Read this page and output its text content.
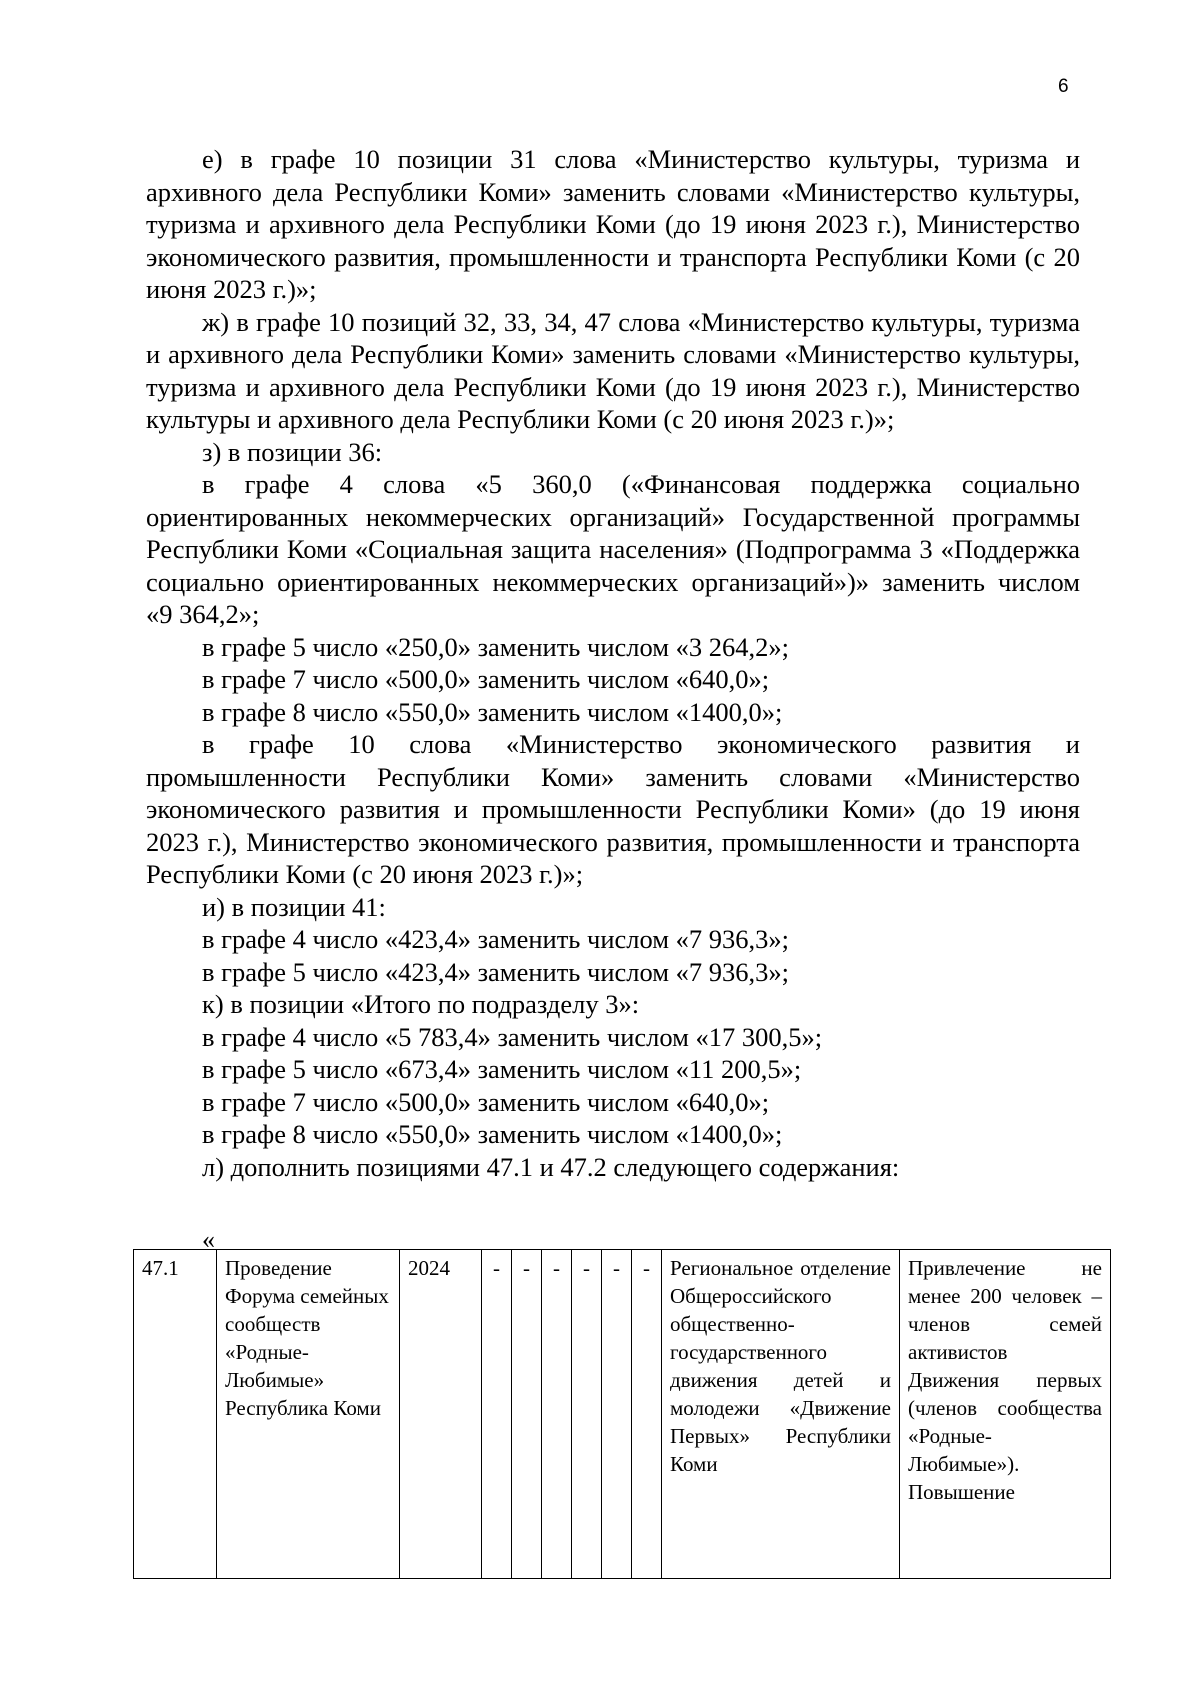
6

е) в графе 10 позиции 31 слова «Министерство культуры, туризма и архивного дела Республики Коми» заменить словами «Министерство культуры, туризма и архивного дела Республики Коми (до 19 июня 2023 г.), Министерство экономического развития, промышленности и транспорта Республики Коми (с 20 июня 2023 г.)»;

ж) в графе 10 позиций 32, 33, 34, 47 слова «Министерство культуры, туризма и архивного дела Республики Коми» заменить словами «Министерство культуры, туризма и архивного дела Республики Коми (до 19 июня 2023 г.), Министерство культуры и архивного дела Республики Коми (с 20 июня 2023 г.)»;

з) в позиции 36:

в графе 4 слова «5 360,0 («Финансовая поддержка социально ориентированных некоммерческих организаций» Государственной программы Республики Коми «Социальная защита населения» (Подпрограмма 3 «Поддержка социально ориентированных некоммерческих организаций»)» заменить числом «9 364,2»;

в графе 5 число «250,0» заменить числом «3 264,2»;

в графе 7 число «500,0» заменить числом «640,0»;

в графе 8 число «550,0» заменить числом «1400,0»;

в графе 10 слова «Министерство экономического развития и промышленности Республики Коми» заменить словами «Министерство экономического развития и промышленности Республики Коми» (до 19 июня 2023 г.), Министерство экономического развития, промышленности и транспорта Республики Коми (с 20 июня 2023 г.)»;

и) в позиции 41:

в графе 4 число «423,4» заменить числом «7 936,3»;

в графе 5 число «423,4» заменить числом «7 936,3»;

к) в позиции «Итого по подразделу 3»:

в графе 4 число «5 783,4» заменить числом «17 300,5»;

в графе 5 число «673,4» заменить числом «11 200,5»;

в графе 7 число «500,0» заменить числом «640,0»;

в графе 8 число «550,0» заменить числом «1400,0»;

л) дополнить позициями 47.1 и 47.2 следующего содержания:

«
47.1	Проведение Форума семейных сообществ «Родные-Любимые» Республика Коми	2024	-	-	-	-	-	-	Региональное отделение Общероссийского общественно-государственного движения детей и молодежи «Движение Первых» Республики Коми	Привлечение не менее 200 человек – членов семей активистов Движения первых (членов сообщества «Родные-Любимые»). Повышение
